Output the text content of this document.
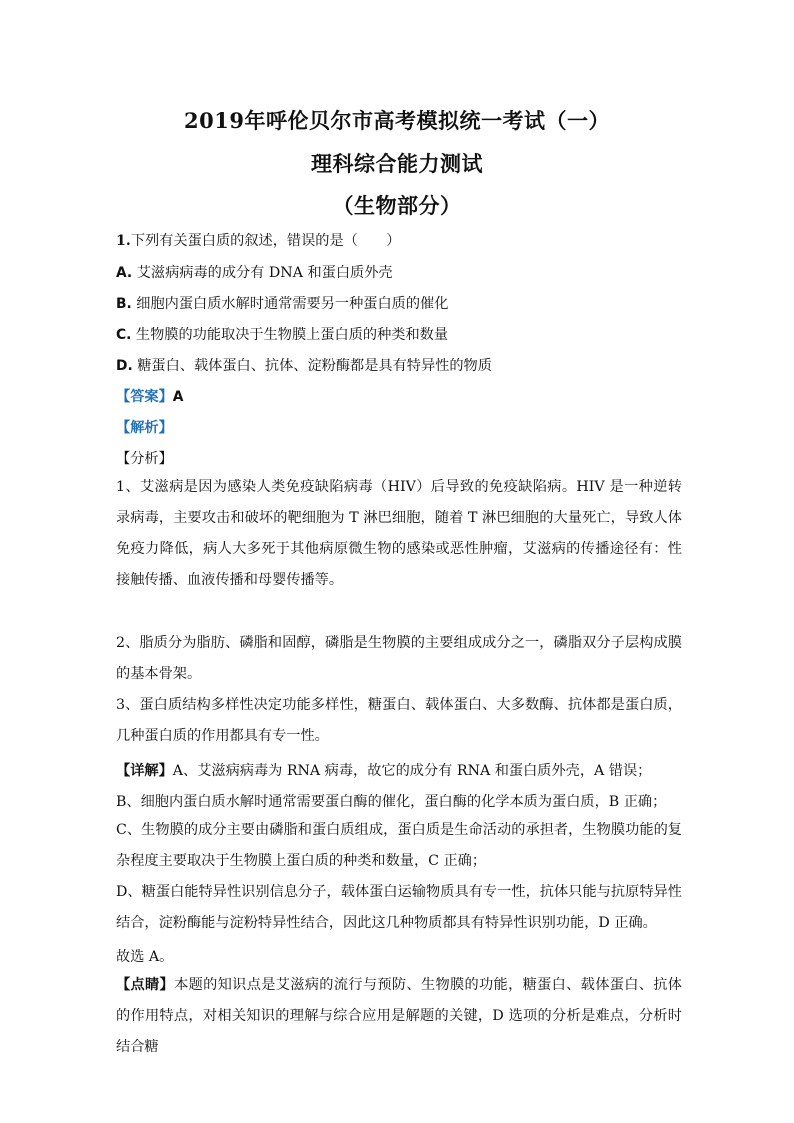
2019年呼伦贝尔市高考模拟统一考试（一）
理科综合能力测试
（生物部分）
1.下列有关蛋白质的叙述，错误的是（　　）
A. 艾滋病病毒的成分有 DNA 和蛋白质外壳
B. 细胞内蛋白质水解时通常需要另一种蛋白质的催化
C. 生物膜的功能取决于生物膜上蛋白质的种类和数量
D. 糖蛋白、载体蛋白、抗体、淀粉酶都是具有特异性的物质
【答案】A
【解析】
【分析】

1、艾滋病是因为感染人类免疫缺陷病毒（HIV）后导致的免疫缺陷病。HIV 是一种逆转录病毒，主要攻击和破坏的靶细胞为 T 淋巴细胞，随着 T 淋巴细胞的大量死亡，导致人体免疫力降低，病人大多死于其他病原微生物的感染或恶性肿瘤，艾滋病的传播途径有：性接触传播、血液传播和母婴传播等。

2、脂质分为脂肪、磷脂和固醇，磷脂是生物膜的主要组成成分之一，磷脂双分子层构成膜的基本骨架。

3、蛋白质结构多样性决定功能多样性，糖蛋白、载体蛋白、大多数酶、抗体都是蛋白质，几种蛋白质的作用都具有专一性。

【详解】A、艾滋病病毒为 RNA 病毒，故它的成分有 RNA 和蛋白质外壳，A 错误；
B、细胞内蛋白质水解时通常需要蛋白酶的催化，蛋白酶的化学本质为蛋白质，B 正确；

C、生物膜的成分主要由磷脂和蛋白质组成，蛋白质是生命活动的承担者，生物膜功能的复杂程度主要取决于生物膜上蛋白质的种类和数量，C 正确；

D、糖蛋白能特异性识别信息分子，载体蛋白运输物质具有专一性，抗体只能与抗原特异性结合，淀粉酶能与淀粉特异性结合，因此这几种物质都具有特异性识别功能，D 正确。

故选 A。

【点睛】本题的知识点是艾滋病的流行与预防、生物膜的功能，糖蛋白、载体蛋白、抗体的作用特点，对相关知识的理解与综合应用是解题的关键，D 选项的分析是难点，分析时结合糖
